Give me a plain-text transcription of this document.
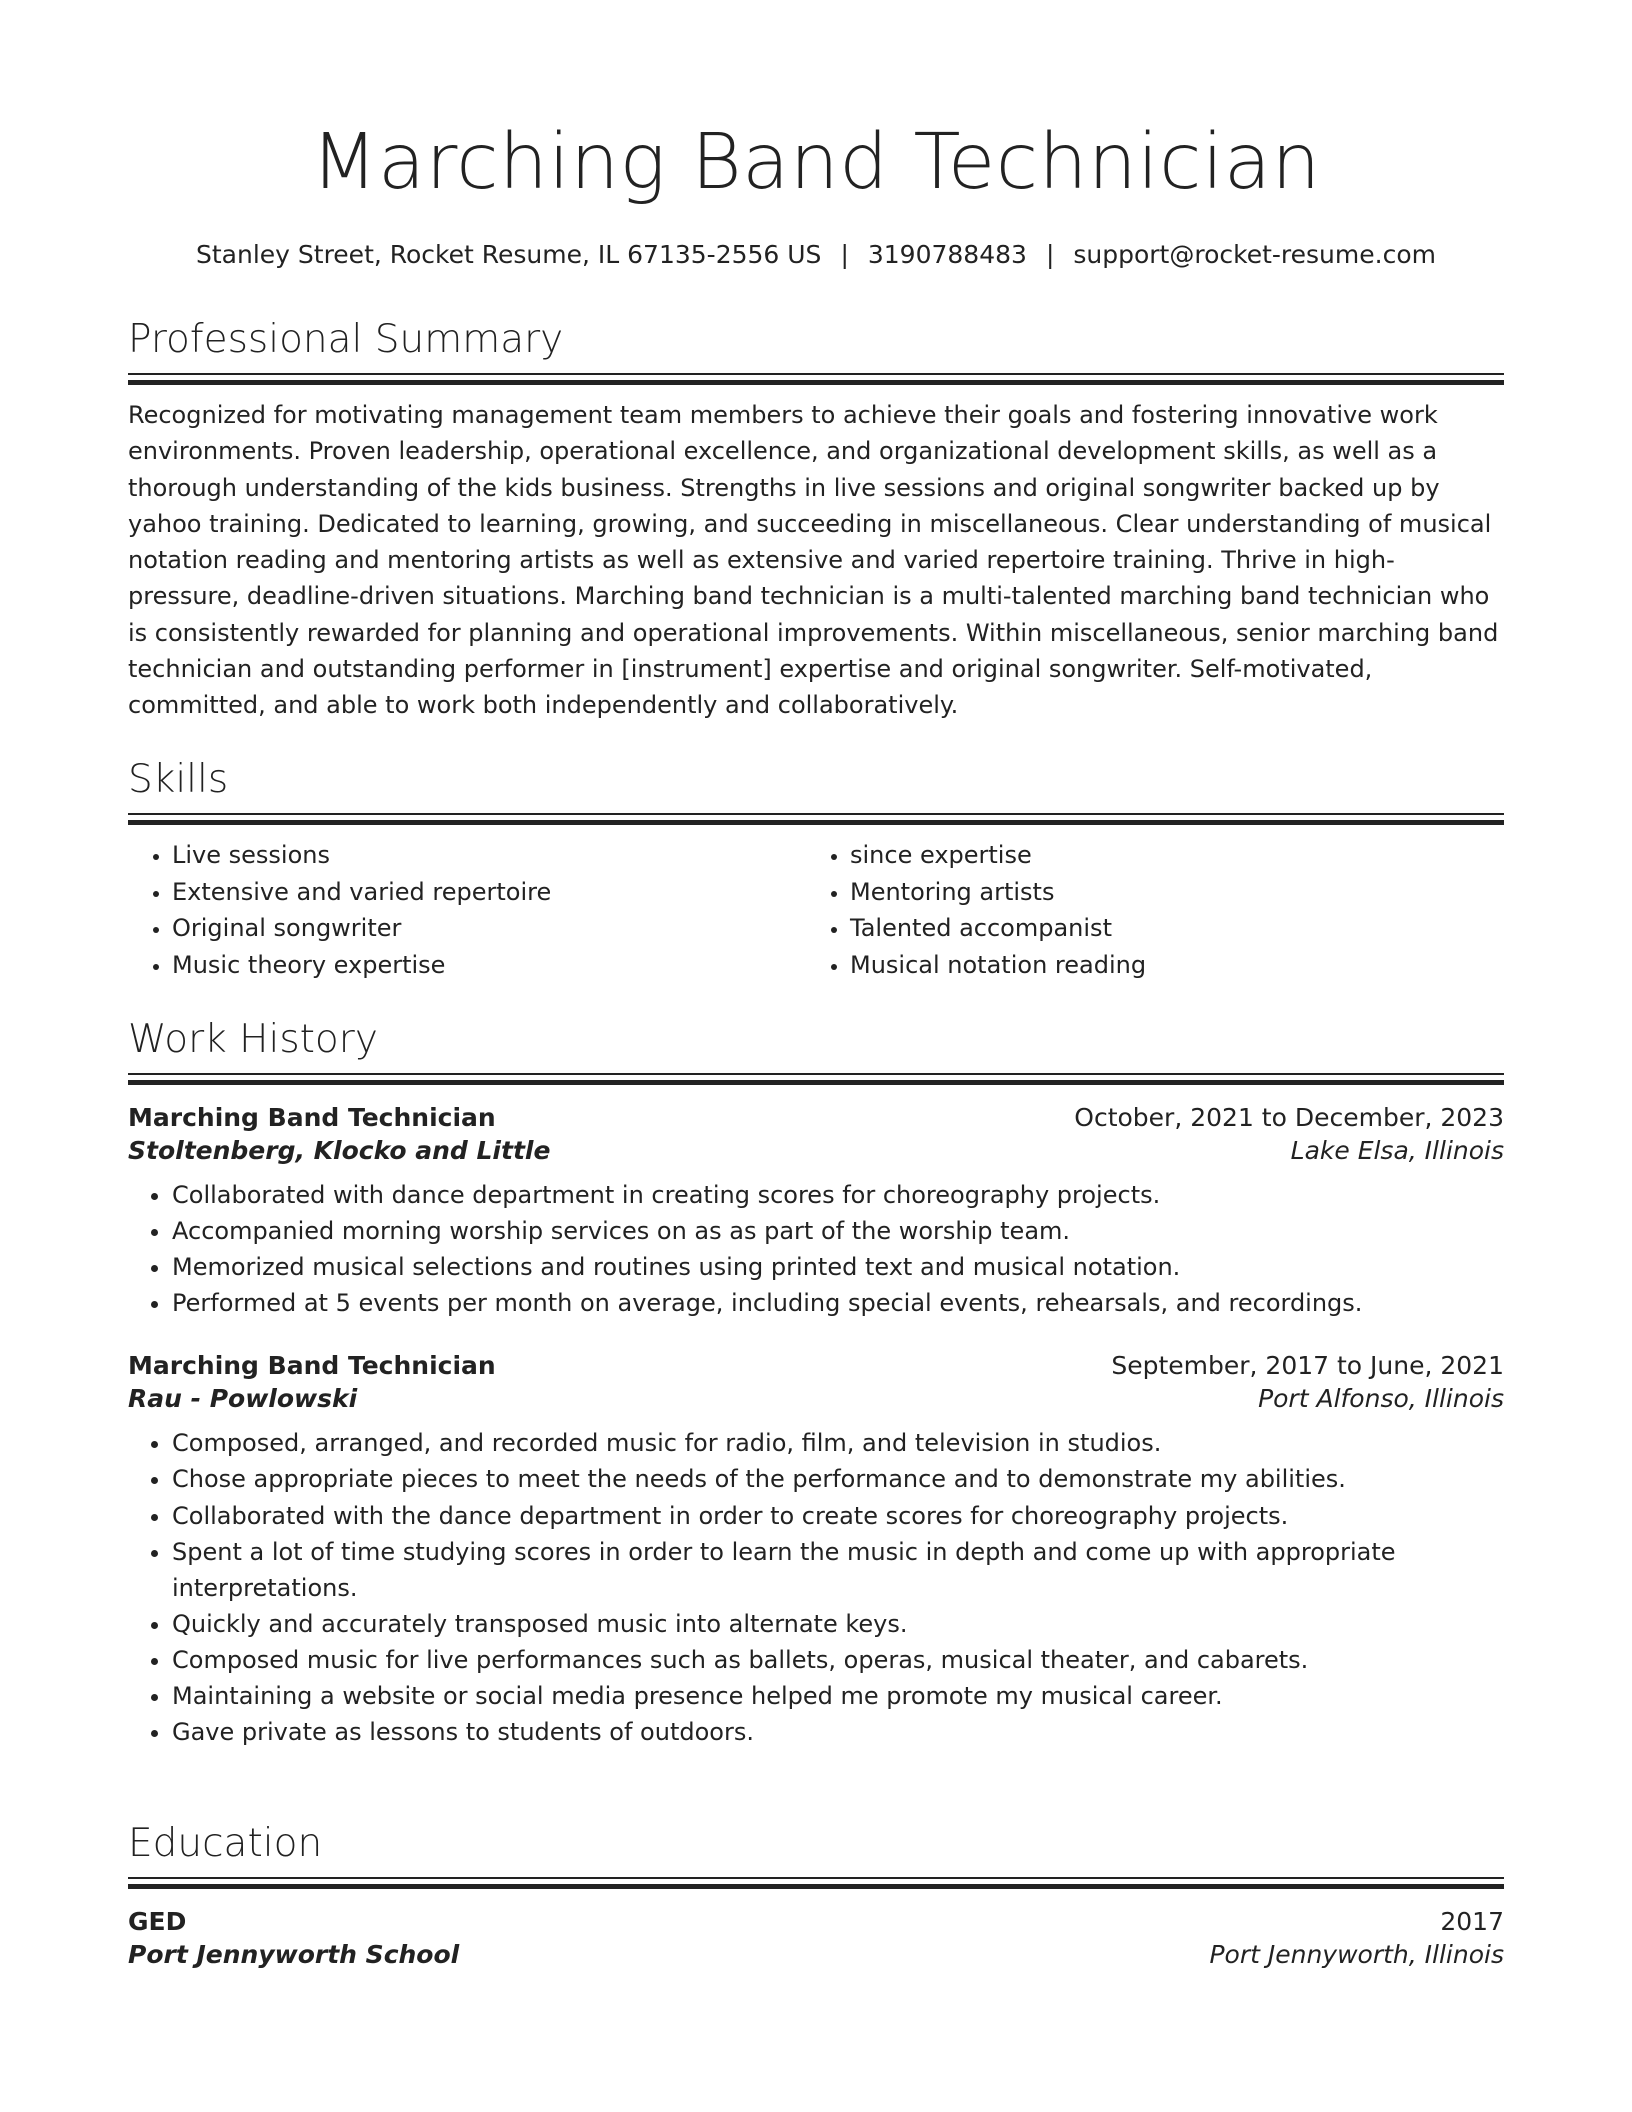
Marching Band Technician
Stanley Street, Rocket Resume, IL 67135-2556 US | 3190788483 | support@rocket-resume.com
Professional Summary
Recognized for motivating management team members to achieve their goals and fostering innovative work environments. Proven leadership, operational excellence, and organizational development skills, as well as a thorough understanding of the kids business. Strengths in live sessions and original songwriter backed up by yahoo training. Dedicated to learning, growing, and succeeding in miscellaneous. Clear understanding of musical notation reading and mentoring artists as well as extensive and varied repertoire training. Thrive in high-pressure, deadline-driven situations. Marching band technician is a multi-talented marching band technician who is consistently rewarded for planning and operational improvements. Within miscellaneous, senior marching band technician and outstanding performer in [instrument] expertise and original songwriter. Self-motivated, committed, and able to work both independently and collaboratively.
Skills
• Live sessions
• Extensive and varied repertoire
• Original songwriter
• Music theory expertise
• since expertise
• Mentoring artists
• Talented accompanist
• Musical notation reading
Work History
Marching Band Technician	October, 2021 to December, 2023
Stoltenberg, Klocko and Little	Lake Elsa, Illinois
• Collaborated with dance department in creating scores for choreography projects.
• Accompanied morning worship services on as as part of the worship team.
• Memorized musical selections and routines using printed text and musical notation.
• Performed at 5 events per month on average, including special events, rehearsals, and recordings.
Marching Band Technician	September, 2017 to June, 2021
Rau - Powlowski	Port Alfonso, Illinois
• Composed, arranged, and recorded music for radio, film, and television in studios.
• Chose appropriate pieces to meet the needs of the performance and to demonstrate my abilities.
• Collaborated with the dance department in order to create scores for choreography projects.
• Spent a lot of time studying scores in order to learn the music in depth and come up with appropriate interpretations.
• Quickly and accurately transposed music into alternate keys.
• Composed music for live performances such as ballets, operas, musical theater, and cabarets.
• Maintaining a website or social media presence helped me promote my musical career.
• Gave private as lessons to students of outdoors.
Education
GED	2017
Port Jennyworth School	Port Jennyworth, Illinois
